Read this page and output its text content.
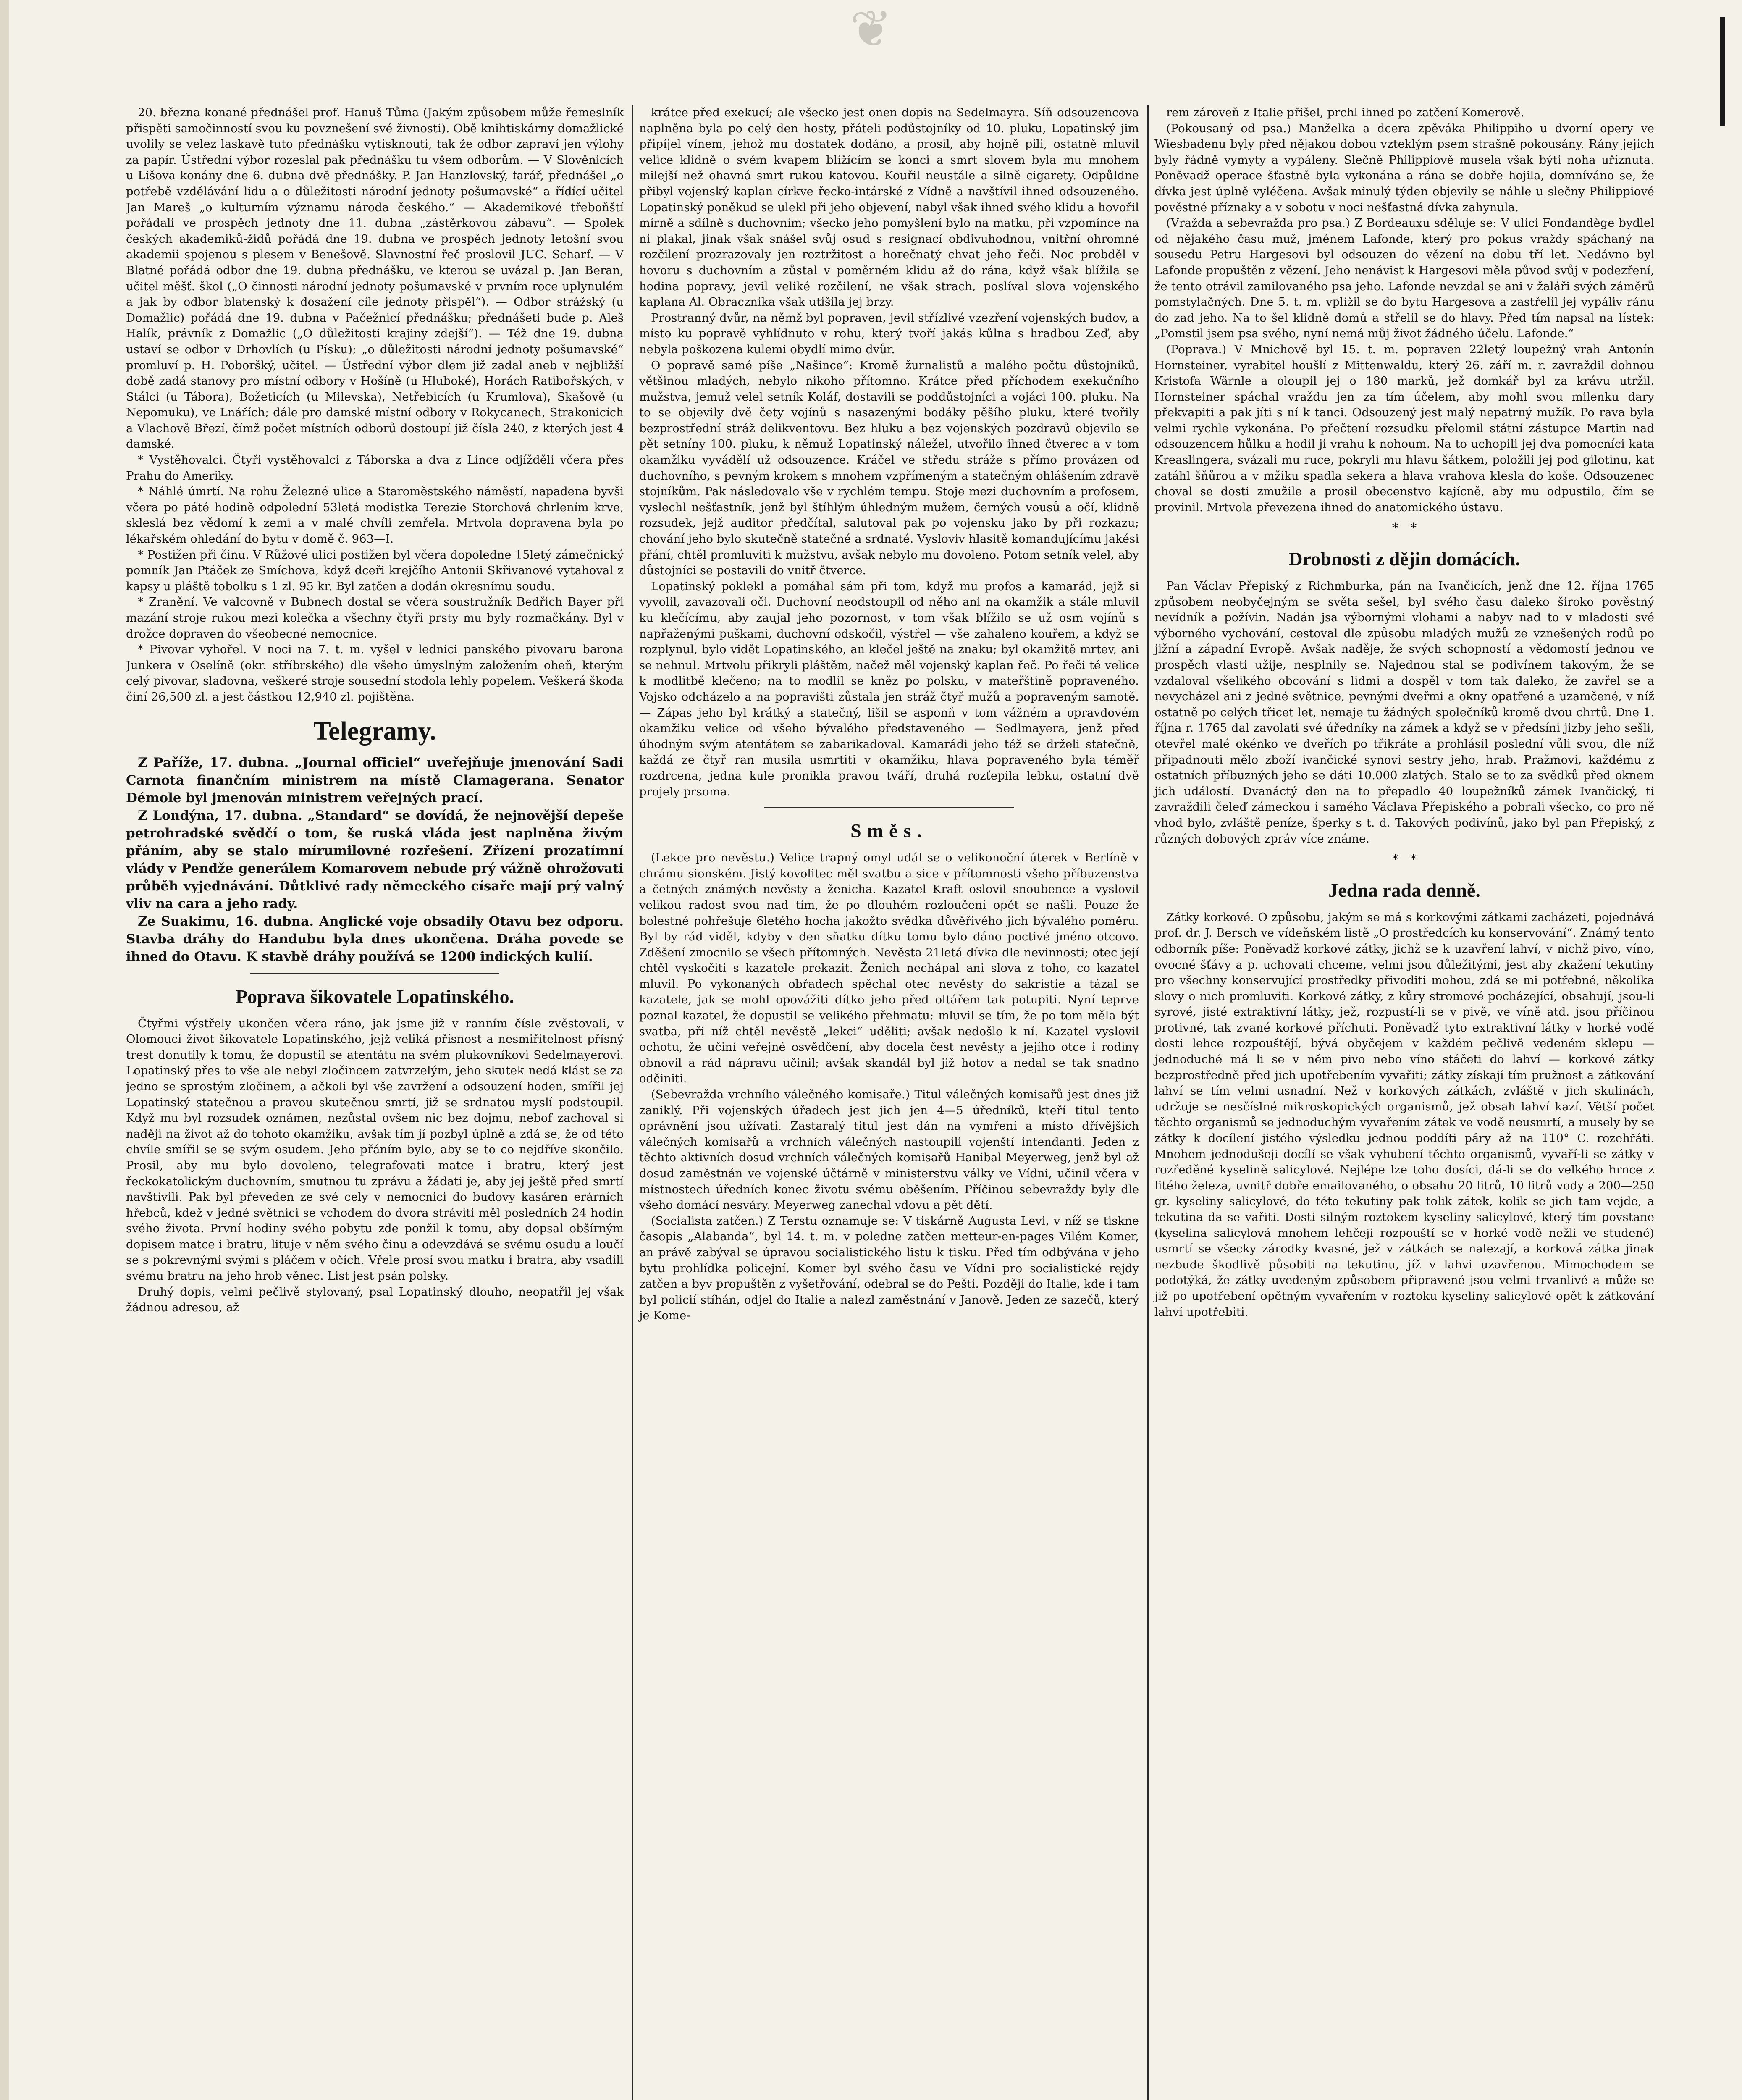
❦

20. března konané přednášel prof. Hanuš Tůma (Jakým způsobem může řemeslník přispěti samočinností svou ku povznešení své živnosti). Obě knihtiskárny domažlické uvolily se velez laskavě tuto přednášku vytisknouti, tak že odbor zapraví jen výlohy za papír. Ústřední výbor rozeslal pak přednášku tu všem odborům. — V Slověnicích u Lišova konány dne 6. dubna dvě přednášky. P. Jan Hanzlovský, farář, přednášel „o potřebě vzdělávání lidu a o důležitosti národní jednoty pošumavské“ a řídící učitel Jan Mareš „o kulturním významu národa českého.“ — Akademikové třeboňští pořádali ve prospěch jednoty dne 11. dubna „zástěrkovou zábavu“. — Spolek českých akademiků-židů pořádá dne 19. dubna ve prospěch jednoty letošní svou akademii spojenou s plesem v Benešově. Slavnostní řeč proslovil JUC. Scharf. — V Blatné pořádá odbor dne 19. dubna přednášku, ve kterou se uvázal p. Jan Beran, učitel měšť. škol („O činnosti národní jednoty pošumavské v prvním roce uplynulém a jak by odbor blatenský k dosažení cíle jednoty přispěl“). — Odbor strážský (u Domažlic) pořádá dne 19. dubna v Pačežnicí přednášku; přednášeti bude p. Aleš Halík, právník z Domažlic („O důležitosti krajiny zdejší“). — Též dne 19. dubna ustaví se odbor v Drhovlích (u Písku); „o důležitosti národní jednoty pošumavské“ promluví p. H. Poboršký, učitel. — Ústřední výbor dlem již zadal aneb v nejbližší době zadá stanovy pro místní odbory v Hošíně (u Hluboké), Horách Ratibořských, v Stálci (u Tábora), Božeticích (u Milevska), Netřebicích (u Krumlova), Skašově (u Nepomuku), ve Lnářích; dále pro damské místní odbory v Rokycanech, Strakonicích a Vlachově Březí, čímž počet místních odborů dostoupí již čísla 240, z kterých jest 4 damské.

* Vystěhovalci. Čtyři vystěhovalci z Táborska a dva z Lince odjížděli včera přes Prahu do Ameriky.

* Náhlé úmrtí. Na rohu Železné ulice a Staroměstského náměstí, napadena byvši včera po páté hodině odpolední 53letá modistka Terezie Storchová chrlením krve, skleslá bez vědomí k zemi a v malé chvíli zemřela. Mrtvola dopravena byla po lékařském ohledání do bytu v domě č. 963—I.

* Postižen při činu. V Růžové ulici postižen byl včera dopoledne 15letý zámečnický pomník Jan Ptáček ze Smíchova, když dceři krejčího Antonii Skřivanové vytahoval z kapsy u pláště tobolku s 1 zl. 95 kr. Byl zatčen a dodán okresnímu soudu.

* Zranění. Ve valcovně v Bubnech dostal se včera soustružník Bedřich Bayer při mazání stroje rukou mezi kolečka a všechny čtyři prsty mu byly rozmačkány. Byl v drožce dopraven do všeobecné nemocnice.

* Pivovar vyhořel. V noci na 7. t. m. vyšel v lednici panského pivovaru barona Junkera v Oselíně (okr. stříbrského) dle všeho úmyslným založením oheň, kterým celý pivovar, sladovna, veškeré stroje sousední stodola lehly popelem. Veškerá škoda činí 26,500 zl. a jest částkou 12,940 zl. pojištěna.

Telegramy.

Z Paříže, 17. dubna. „Journal officiel“ uveřejňuje jmenování Sadi Carnota finančním ministrem na místě Clamagerana. Senator Démole byl jmenován ministrem veřejných prací.

Z Londýna, 17. dubna. „Standard“ se dovídá, že nejnovější depeše petrohradské svědčí o tom, še ruská vláda jest naplněna živým přáním, aby se stalo mírumilovné rozřešení. Zřízení prozatímní vlády v Pendže generálem Komarovem nebude prý vážně ohrožovati průběh vyjednávání. Důtklivé rady německého císaře mají prý valný vliv na cara a jeho rady.

Ze Suakimu, 16. dubna. Anglické voje obsadily Otavu bez odporu. Stavba dráhy do Handubu byla dnes ukončena. Dráha povede se ihned do Otavu. K stavbě dráhy používá se 1200 indických kulií.

Poprava šikovatele Lopatinského.

Čtyřmi výstřely ukončen včera ráno, jak jsme již v ranním čísle zvěstovali, v Olomouci život šikovatele Lopatinského, jejž veliká přísnost a nesmiřitelnost přísný trest donutily k tomu, že dopustil se atentátu na svém plukovníkovi Sedelmayerovi. Lopatinský přes to vše ale nebyl zločincem zatvrzelým, jeho skutek nedá klást se za jedno se sprostým zločinem, a ačkoli byl vše zavržení a odsouzení hoden, smířil jej Lopatinský statečnou a pravou skutečnou smrtí, již se srdnatou myslí podstoupil. Když mu byl rozsudek oznámen, nezůstal ovšem nic bez dojmu, nebof zachoval si naději na život až do tohoto okamžiku, avšak tím jí pozbyl úplně a zdá se, že od této chvíle smířil se se svým osudem. Jeho přáním bylo, aby se to co nejdříve skončilo. Prosil, aby mu bylo dovoleno, telegrafovati matce i bratru, který jest řeckokatolickým duchovním, smutnou tu zprávu a žádati je, aby jej ještě před smrtí navštívili. Pak byl převeden ze své cely v nemocnici do budovy kasáren erárních hřebců, kdež v jedné světnici se vchodem do dvora stráviti měl posledních 24 hodin svého života. První hodiny svého pobytu zde ponžil k tomu, aby dopsal obšírným dopisem matce i bratru, lituje v něm svého činu a odevzdává se svému osudu a loučí se s pokrevnými svými s pláčem v očích. Vřele prosí svou matku i bratra, aby vsadili svému bratru na jeho hrob věnec. List jest psán polsky.

Druhý dopis, velmi pečlivě stylovaný, psal Lopatinský dlouho, neopatřil jej však žádnou adresou, až

krátce před exekucí; ale všecko jest onen dopis na Sedelmayra. Síň odsouzencova naplněna byla po celý den hosty, přáteli podůstojníky od 10. pluku, Lopatinský jim připíjel vínem, jehož mu dostatek dodáno, a prosil, aby hojně pili, ostatně mluvil velice klidně o svém kvapem blížícím se konci a smrt slovem byla mu mnohem milejší než ohavná smrt rukou katovou. Kouřil neustále a silně cigarety. Odpůldne přibyl vojenský kaplan církve řecko-intárské z Vídně a navštívil ihned odsouzeného. Lopatinský poněkud se ulekl při jeho objevení, nabyl však ihned svého klidu a hovořil mírně a sdílně s duchovním; všecko jeho pomyšlení bylo na matku, při vzpomínce na ni plakal, jinak však snášel svůj osud s resignací obdivuhodnou, vnitřní ohromné rozčilení prozrazovaly jen roztržitost a horečnatý chvat jeho řeči. Noc probděl v hovoru s duchovním a zůstal v poměrném klidu až do rána, když však blížila se hodina popravy, jevil veliké rozčilení, ne však strach, poslíval slova vojenského kaplana Al. Obracznika však utišila jej brzy.

Prostranný dvůr, na němž byl popraven, jevil střízlivé vzezření vojenských budov, a místo ku popravě vyhlídnuto v rohu, který tvoří jakás kůlna s hradbou Zeď, aby nebyla poškozena kulemi obydlí mimo dvůr.

O popravě samé píše „Našince“: Kromě žurnalistů a malého počtu důstojníků, většinou mladých, nebylo nikoho přítomno. Krátce před příchodem exekučního mužstva, jemuž velel setník Koláf, dostavili se poddůstojníci a vojáci 100. pluku. Na to se objevily dvě čety vojínů s nasazenými bodáky pěšího pluku, které tvořily bezprostřední stráž delikventovu. Bez hluku a bez vojenských pozdravů objevilo se pět setníny 100. pluku, k němuž Lopatinský náležel, utvořilo ihned čtverec a v tom okamžiku vyvádělí už odsouzence. Kráčel ve středu stráže s přímo provázen od duchovního, s pevným krokem s mnohem vzpřímeným a statečným ohlášením zdravě stojníkům. Pak následovalo vše v rychlém tempu. Stoje mezi duchovním a profosem, vyslechl nešťastník, jenž byl štíhlým úhledným mužem, černých vousů a očí, klidně rozsudek, jejž auditor předčítal, salutoval pak po vojensku jako by při rozkazu; chování jeho bylo skutečně statečné a srdnaté. Vysloviv hlasitě komandujícímu jakési přání, chtěl promluviti k mužstvu, avšak nebylo mu dovoleno. Potom setník velel, aby důstojníci se postavili do vnitř čtverce.

Lopatinský poklekl a pomáhal sám při tom, když mu profos a kamarád, jejž si vyvolil, zavazovali oči. Duchovní neodstoupil od něho ani na okamžik a stále mluvil ku klečícímu, aby zaujal jeho pozornost, v tom však blížilo se už osm vojínů s napřaženými puškami, duchovní odskočil, výstřel — vše zahaleno kouřem, a když se rozplynul, bylo vidět Lopatinského, an klečel ještě na znaku; byl okamžitě mrtev, ani se nehnul. Mrtvolu přikryli pláštěm, načež měl vojenský kaplan řeč. Po řeči té velice k modlitbě klečeno; na to modlil se kněz po polsku, v mateřštině popraveného. Vojsko odcházelo a na popravišti zůstala jen stráž čtyř mužů a popraveným samotě. — Zápas jeho byl krátký a statečný, lišil se asponň v tom vážném a opravdovém okamžiku velice od všeho bývalého představeného — Sedlmayera, jenž před úhodným svým atentátem se zabarikadoval. Kamarádi jeho též se drželi statečně, každá ze čtyř ran musila usmrtiti v okamžiku, hlava popraveného byla téměř rozdrcena, jedna kule pronikla pravou tváří, druhá rozťepila lebku, ostatní dvě projely prsoma.

Směs.

(Lekce pro nevěstu.) Velice trapný omyl udál se o velikonoční úterek v Berlíně v chrámu sionském. Jistý kovolitec měl svatbu a sice v přítomnosti všeho příbuzenstva a četných známých nevěsty a ženicha. Kazatel Kraft oslovil snoubence a vyslovil velikou radost svou nad tím, že po dlouhém rozloučení opět se našli. Pouze že bolestné pohřešuje 6letého hocha jakožto svědka důvěřivého jich bývalého poměru. Byl by rád viděl, kdyby v den sňatku dítku tomu bylo dáno poctivé jméno otcovo. Zděšení zmocnilo se všech přítomných. Nevěsta 21letá dívka dle nevinnosti; otec její chtěl vyskočiti s kazatele prekazit. Ženich nechápal ani slova z toho, co kazatel mluvil. Po vykonaných obřadech spěchal otec nevěsty do sakristie a tázal se kazatele, jak se mohl opovážiti dítko jeho před oltářem tak potupiti. Nyní teprve poznal kazatel, že dopustil se velikého přehmatu: mluvil se tím, že po tom měla být svatba, při níž chtěl nevěstě „lekci“ uděliti; avšak nedošlo k ní. Kazatel vyslovil ochotu, že učiní veřejné osvědčení, aby docela čest nevěsty a jejího otce i rodiny obnovil a rád nápravu učinil; avšak skandál byl již hotov a nedal se tak snadno odčiniti.

(Sebevražda vrchního válečného komisaře.) Titul válečných komisařů jest dnes již zaniklý. Při vojenských úřadech jest jich jen 4—5 úředníků, kteří titul tento oprávnění jsou užívati. Zastaralý titul jest dán na vymření a místo dřívějších válečných komisařů a vrchních válečných nastoupili vojenští intendanti. Jeden z těchto aktivních dosud vrchních válečných komisařů Hanibal Meyerweg, jenž byl až dosud zaměstnán ve vojenské účtárně v ministerstvu války ve Vídni, učinil včera v místnostech úředních konec životu svému oběšením. Příčinou sebevraždy byly dle všeho domácí nesváry. Meyerweg zanechal vdovu a pět dětí.

(Socialista zatčen.) Z Terstu oznamuje se: V tiskárně Augusta Levi, v níž se tiskne časopis „Alabanda“, byl 14. t. m. v poledne zatčen metteur-en-pages Vilém Komer, an právě zabýval se úpravou socialistického listu k tisku. Před tím odbývána v jeho bytu prohlídka policejní. Komer byl svého času ve Vídni pro socialistické rejdy zatčen a byv propuštěn z vyšetřování, odebral se do Pešti. Později do Italie, kde i tam byl policií stíhán, odjel do Italie a nalezl zaměstnání v Janově. Jeden ze sazečů, který je Kome-

rem zároveň z Italie přišel, prchl ihned po zatčení Komerově.

(Pokousaný od psa.) Manželka a dcera zpěváka Philippiho u dvorní opery ve Wiesbadenu byly před nějakou dobou vzteklým psem strašně pokousány. Rány jejich byly řádně vymyty a vypáleny. Slečně Philippiově musela však býti noha uříznuta. Poněvadž operace šťastně byla vykonána a rána se dobře hojila, domníváno se, že dívka jest úplně vyléčena. Avšak minulý týden objevily se náhle u slečny Philippiové pověstné příznaky a v sobotu v noci nešťastná dívka zahynula.

(Vražda a sebevražda pro psa.) Z Bordeauxu sděluje se: V ulici Fondandège bydlel od nějakého času muž, jménem Lafonde, který pro pokus vraždy spáchaný na sousedu Petru Hargesovi byl odsouzen do vězení na dobu tří let. Nedávno byl Lafonde propuštěn z vězení. Jeho nenávist k Hargesovi měla původ svůj v podezření, že tento otrávil zamilovaného psa jeho. Lafonde nevzdal se ani v žaláři svých záměrů pomstylačných. Dne 5. t. m. vplížil se do bytu Hargesova a zastřelil jej vypáliv ránu do zad jeho. Na to šel klidně domů a střelil se do hlavy. Před tím napsal na lístek: „Pomstil jsem psa svého, nyní nemá můj život žádného účelu. Lafonde.“

(Poprava.) V Mnichově byl 15. t. m. popraven 22letý loupežný vrah Antonín Hornsteiner, vyrabitel houšlí z Mittenwaldu, který 26. září m. r. zavraždil dohnou Kristofa Wärnle a oloupil jej o 180 marků, jež domkář byl za krávu utržil. Hornsteiner spáchal vraždu jen za tím účelem, aby mohl svou milenku dary překvapiti a pak jíti s ní k tanci. Odsouzený jest malý nepatrný mužík. Po rava byla velmi rychle vykonána. Po přečtení rozsudku přelomil státní zástupce Martin nad odsouzencem hůlku a hodil ji vrahu k nohoum. Na to uchopili jej dva pomocníci kata Kreaslingera, svázali mu ruce, pokryli mu hlavu šátkem, položili jej pod gilotinu, kat zatáhl šňůrou a v mžiku spadla sekera a hlava vrahova klesla do koše. Odsouzenec choval se dosti zmužile a prosil obecenstvo kajícně, aby mu odpustilo, čím se provinil. Mrtvola převezena ihned do anatomického ústavu.

*   *
Drobnosti z dějin domácích.

Pan Václav Přepiský z Richmburka, pán na Ivančicích, jenž dne 12. října 1765 způsobem neobyčejným se světa sešel, byl svého času daleko široko pověstný nevídník a požívin. Nadán jsa výbornými vlohami a nabyv nad to v mladosti své výborného vychování, cestoval dle způsobu mladých mužů ze vznešených rodů po jižní a západní Evropě. Avšak naděje, že svých schopností a vědomostí jednou ve prospěch vlasti užije, nesplnily se. Najednou stal se podivínem takovým, že se vzdaloval všelikého obcování s lidmi a dospěl v tom tak daleko, že zavřel se a nevycházel ani z jedné světnice, pevnými dveřmi a okny opatřené a uzamčené, v níž ostatně po celých třicet let, nemaje tu žádných společníků kromě dvou chrtů. Dne 1. října r. 1765 dal zavolati své úředníky na zámek a když se v předsíni jizby jeho sešli, otevřel malé okénko ve dveřích po třikráte a prohlásil poslední vůli svou, dle níž připadnouti mělo zboží ivančické synovi sestry jeho, hrab. Pražmovi, každému z ostatních příbuzných jeho se dáti 10.000 zlatých. Stalo se to za svědků před oknem jich událostí. Dvanáctý den na to přepadlo 40 loupežníků zámek Ivančický, ti zavraždili čeleď zámeckou i samého Václava Přepiského a pobrali všecko, co pro ně vhod bylo, zvláště peníze, šperky s t. d. Takových podivínů, jako byl pan Přepiský, z různých dobových zpráv více známe.

*   *
Jedna rada denně.

Zátky korkové. O způsobu, jakým se má s korkovými zátkami zacházeti, pojednává prof. dr. J. Bersch ve vídeňském listě „O prostředcích ku konservování“. Známý tento odborník píše: Poněvadž korkové zátky, jichž se k uzavření lahví, v nichž pivo, víno, ovocné šťávy a p. uchovati chceme, velmi jsou důležitými, jest aby zkažení tekutiny pro všechny konservující prostředky přivoditi mohou, zdá se mi potřebné, několika slovy o nich promluviti. Korkové zátky, z kůry stromové pocházející, obsahují, jsou-li syrové, jisté extraktivní látky, jež, rozpustí-li se v pivě, ve víně atd. jsou příčinou protivné, tak zvané korkové příchuti. Poněvadž tyto extraktivní látky v horké vodě dosti lehce rozpouštějí, bývá obyčejem v každém pečlivě vedeném sklepu — jednoduché má li se v něm pivo nebo víno stáčeti do lahví — korkové zátky bezprostředně před jich upotřebením vyvařiti; zátky získají tím pružnost a zátkování lahví se tím velmi usnadní. Než v korkových zátkách, zvláště v jich skulinách, udržuje se nesčíslné mikroskopických organismů, jež obsah lahví kazí. Větší počet těchto organismů se jednoduchým vyvařením zátek ve vodě neusmrtí, a musely by se zátky k docílení jistého výsledku jednou poddíti páry až na 110° C. rozehřáti. Mnohem jednodušeji docílí se však vyhubení těchto organismů, vyvaří-li se zátky v rozředěné kyselině salicylové. Nejlépe lze toho dosíci, dá-li se do velkého hrnce z litého železa, uvnitř dobře emailovaného, o obsahu 20 litrů, 10 litrů vody a 200—250 gr. kyseliny salicylové, do této tekutiny pak tolik zátek, kolik se jich tam vejde, a tekutina da se vařiti. Dosti silným roztokem kyseliny salicylové, který tím povstane (kyselina salicylová mnohem lehčeji rozpouští se v horké vodě nežli ve studené) usmrtí se všecky zárodky kvasné, jež v zátkách se nalezají, a korková zátka jinak nezbude škodlivě působiti na tekutinu, jíž v lahvi uzavřenou. Mimochodem se podotýká, že zátky uvedeným způsobem připravené jsou velmi trvanlivé a může se již po upotřebení opětným vyvařením v roztoku kyseliny salicylové opět k zátkování lahví upotřebiti.
